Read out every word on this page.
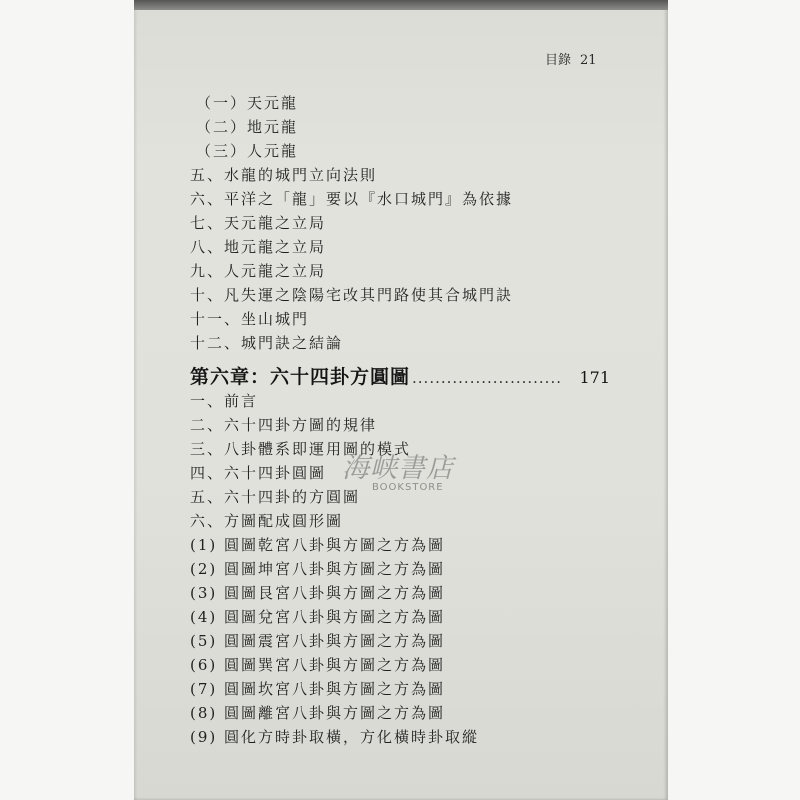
目錄 21
（一）天元龍
（二）地元龍
（三）人元龍
五、水龍的城門立向法則
六、平洋之「龍」要以『水口城門』為依據
七、天元龍之立局
八、地元龍之立局
九、人元龍之立局
十、凡失運之陰陽宅改其門路使其合城門訣
十一、坐山城門
十二、城門訣之結論
第六章：六十四卦方圓圖 ..........................	171
一、前言
二、六十四卦方圖的規律
三、八卦體系即運用圖的模式
四、六十四卦圓圖
五、六十四卦的方圓圖
六、方圖配成圓形圖
(1) 圓圖乾宮八卦與方圖之方為圖
(2) 圓圖坤宮八卦與方圖之方為圖
(3) 圓圖艮宮八卦與方圖之方為圖
(4) 圓圖兌宮八卦與方圖之方為圖
(5) 圓圖震宮八卦與方圖之方為圖
(6) 圓圖巽宮八卦與方圖之方為圖
(7) 圓圖坎宮八卦與方圖之方為圖
(8) 圓圖離宮八卦與方圖之方為圖
(9) 圓化方時卦取橫，方化橫時卦取縱
海峡書店
BOOKSTORE
